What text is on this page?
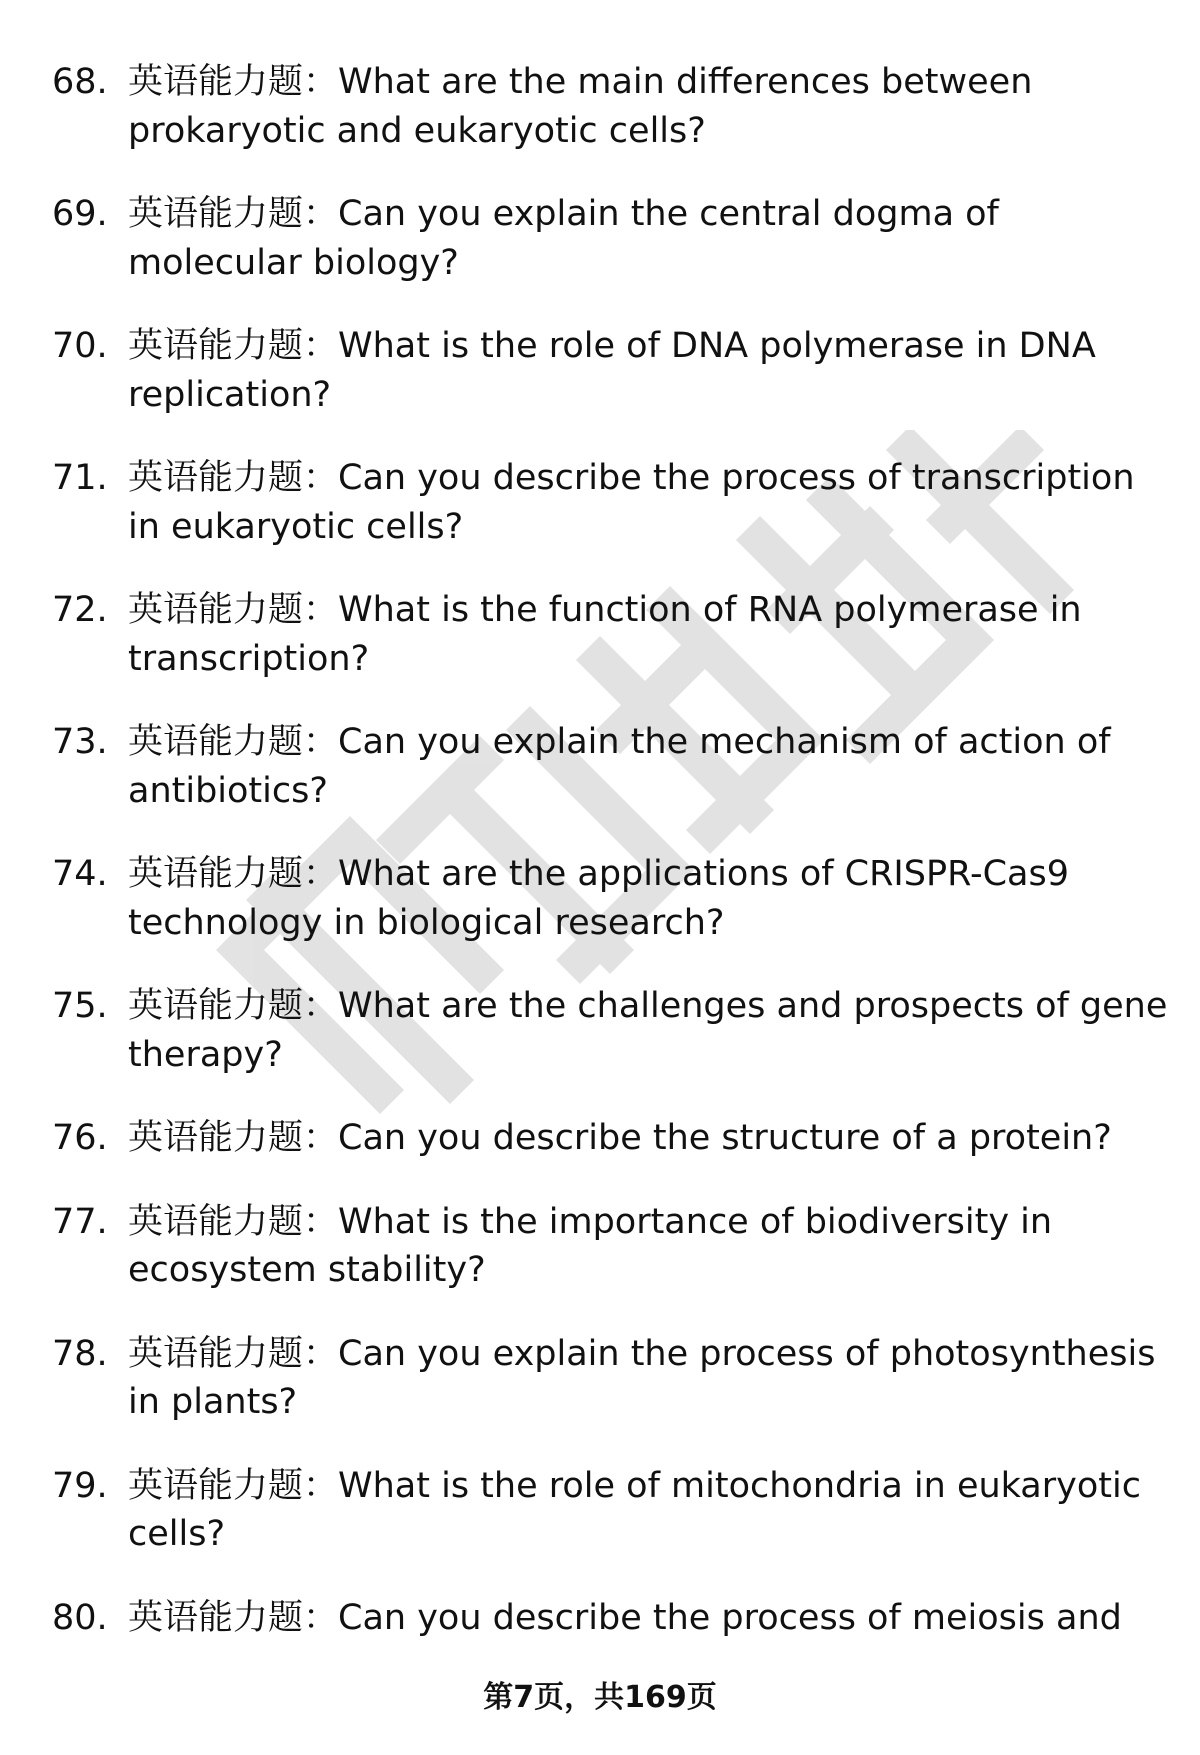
68. 英语能力题：What are the main differences between prokaryotic and eukaryotic cells?
69. 英语能力题：Can you explain the central dogma of molecular biology?
70. 英语能力题：What is the role of DNA polymerase in DNA replication?
71. 英语能力题：Can you describe the process of transcription in eukaryotic cells?
72. 英语能力题：What is the function of RNA polymerase in transcription?
73. 英语能力题：Can you explain the mechanism of action of antibiotics?
74. 英语能力题：What are the applications of CRISPR-Cas9 technology in biological research?
75. 英语能力题：What are the challenges and prospects of gene therapy?
76. 英语能力题：Can you describe the structure of a protein?
77. 英语能力题：What is the importance of biodiversity in ecosystem stability?
78. 英语能力题：Can you explain the process of photosynthesis in plants?
79. 英语能力题：What is the role of mitochondria in eukaryotic cells?
80. 英语能力题：Can you describe the process of meiosis and
第7页，共169页
